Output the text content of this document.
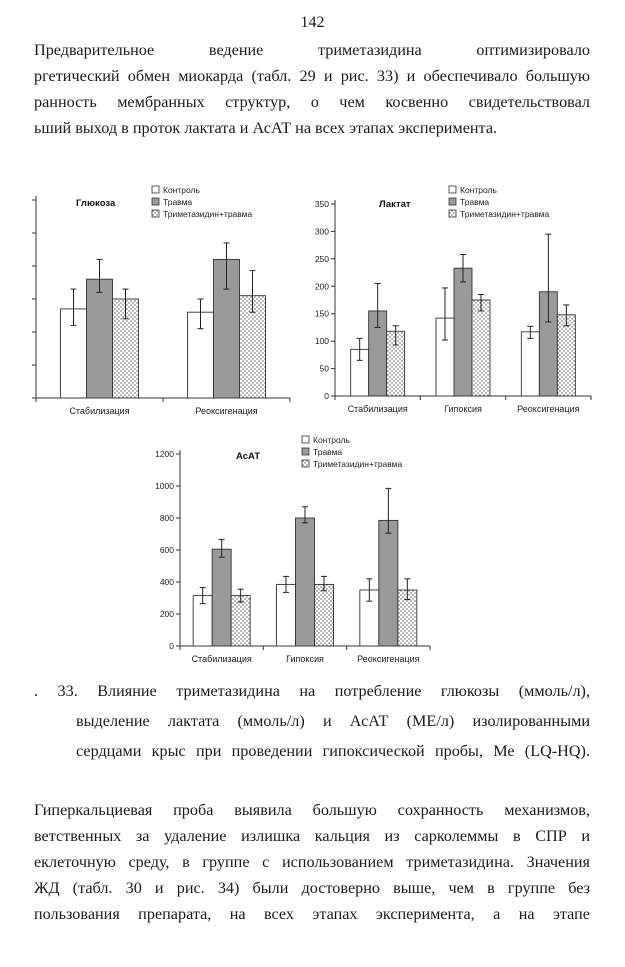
142
Предварительное ведение триметазидина оптимизировало
ргетический обмен миокарда (табл. 29 и рис. 33) и обеспечивало большую
ранность мембранных структур, о чем косвенно свидетельствовал
ьший выход в проток лактата и АсАТ на всех этапах эксперимента.
Стабилизация	Реоксигенация
Глюкоза
Контроль
Травма
Триметазидин+травма
0
50
100
150
200
250
300
350
Стабилизация	Гипоксия	Реоксигенация
Лактат
Контроль
Травма
Триметазидин+травма
0
200
400
600
800
1000
1200
Стабилизация	Гипоксия	Реоксигенация
АсАТ
Контроль
Травма
Триметазидин+травма
. 33. Влияние триметазидина на потребление глюкозы (ммоль/л),
выделение лактата (ммоль/л) и АсАТ (МЕ/л) изолированными
сердцами крыс при проведении гипоксической пробы, Ме (LQ-HQ).
Гиперкальциевая проба выявила большую сохранность механизмов,
ветственных за удаление излишка кальция из сарколеммы в СПР и
еклеточную среду, в группе с использованием триметазидина. Значения
ЖД (табл. 30 и рис. 34) были достоверно выше, чем в группе без
пользования препарата, на всех этапах эксперимента, а на этапе
